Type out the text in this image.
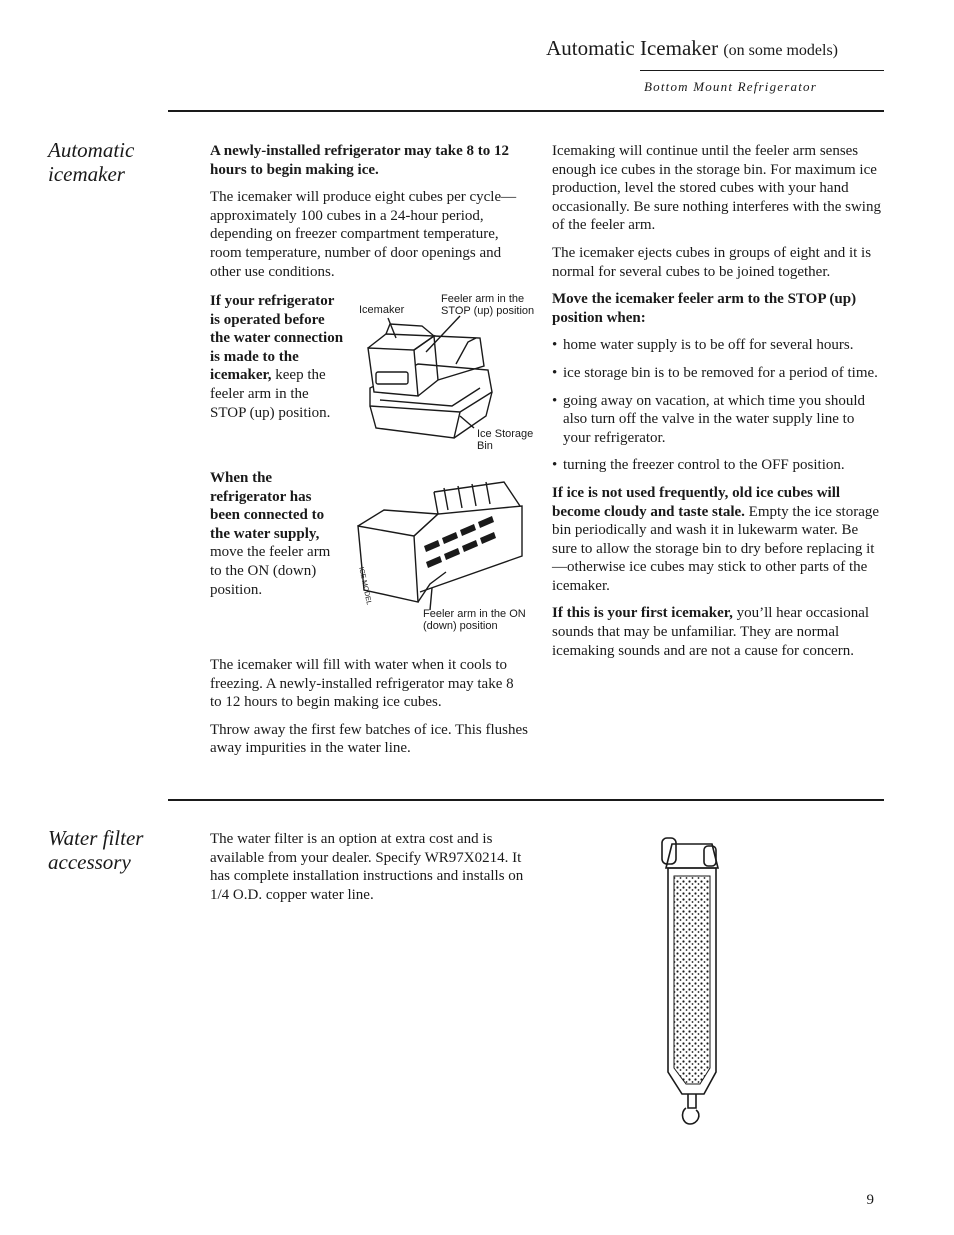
Automatic Icemaker (on some models)
Bottom Mount Refrigerator
Automatic icemaker

A newly-installed refrigerator may take 8 to 12 hours to begin making ice.

The icemaker will produce eight cubes per cycle—approximately 100 cubes in a 24-hour period, depending on freezer compartment temperature, room temperature, number of door openings and other use conditions.

If your refrigerator is operated before the water connection is made to the icemaker, keep the feeler arm in the STOP (up) position.

Icemaker
Feeler arm in the STOP (up) position
Ice Storage Bin

When the refrigerator has been connected to the water supply, move the feeler arm to the ON (down) position.	ICE MODEL
Feeler arm in the ON (down) position

The icemaker will fill with water when it cools to freezing. A newly-installed refrigerator may take 8 to 12 hours to begin making ice cubes.

Throw away the first few batches of ice. This flushes away impurities in the water line.

Icemaking will continue until the feeler arm senses enough ice cubes in the storage bin. For maximum ice production, level the stored cubes with your hand occasionally. Be sure nothing interferes with the swing of the feeler arm.

The icemaker ejects cubes in groups of eight and it is normal for several cubes to be joined together.

Move the icemaker feeler arm to the STOP (up) position when:

• home water supply is to be off for several hours.
• ice storage bin is to be removed for a period of time.
• going away on vacation, at which time you should also turn off the valve in the water supply line to your refrigerator.
• turning the freezer control to the OFF position.

If ice is not used frequently, old ice cubes will become cloudy and taste stale. Empty the ice storage bin periodically and wash it in lukewarm water. Be sure to allow the storage bin to dry before replacing it—otherwise ice cubes may stick to other parts of the icemaker.

If this is your first icemaker, you’ll hear occasional sounds that may be unfamiliar. They are normal icemaking sounds and are not a cause for concern.

Water filter accessory

The water filter is an option at extra cost and is available from your dealer. Specify WR97X0214. It has complete installation instructions and installs on 1/4 O.D. copper water line.

9
